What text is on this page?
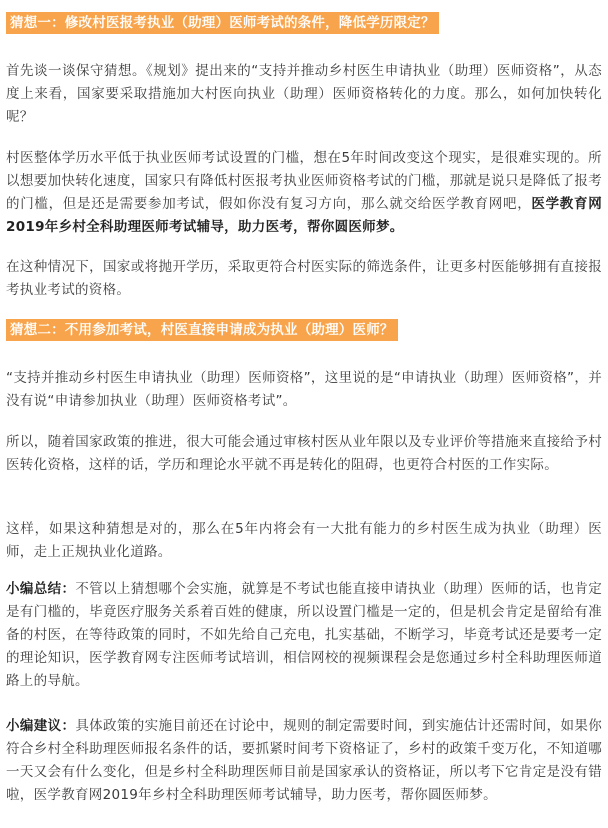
猜想一：修改村医报考执业（助理）医师考试的条件，降低学历限定？

首先谈一谈保守猜想。《规划》提出来的“支持并推动乡村医生申请执业（助理）医师资格”，从态度上来看，国家要采取措施加大村医向执业（助理）医师资格转化的力度。那么，如何加快转化呢？

村医整体学历水平低于执业医师考试设置的门槛，想在5年时间改变这个现实，是很难实现的。所以想要加快转化速度，国家只有降低村医报考执业医师资格考试的门槛，那就是说只是降低了报考的门槛，但是还是需要参加考试，假如你没有复习方向，那么就交给医学教育网吧，医学教育网2019年乡村全科助理医师考试辅导，助力医考，帮你圆医师梦。

在这种情况下，国家或将抛开学历，采取更符合村医实际的筛选条件，让更多村医能够拥有直接报考执业考试的资格。

猜想二：不用参加考试，村医直接申请成为执业（助理）医师？

“支持并推动乡村医生申请执业（助理）医师资格”，这里说的是“申请执业（助理）医师资格”，并没有说“申请参加执业（助理）医师资格考试”。

所以，随着国家政策的推进，很大可能会通过审核村医从业年限以及专业评价等措施来直接给予村医转化资格，这样的话，学历和理论水平就不再是转化的阻碍，也更符合村医的工作实际。

这样，如果这种猜想是对的，那么在5年内将会有一大批有能力的乡村医生成为执业（助理）医师，走上正规执业化道路。

小编总结：不管以上猜想哪个会实施，就算是不考试也能直接申请执业（助理）医师的话，也肯定是有门槛的，毕竟医疗服务关系着百姓的健康，所以设置门槛是一定的，但是机会肯定是留给有准备的村医，在等待政策的同时，不如先给自己充电，扎实基础，不断学习，毕竟考试还是要考一定的理论知识，医学教育网专注医师考试培训，相信网校的视频课程会是您通过乡村全科助理医师道路上的导航。

小编建议：具体政策的实施目前还在讨论中，规则的制定需要时间，到实施估计还需时间，如果你符合乡村全科助理医师报名条件的话，要抓紧时间考下资格证了，乡村的政策千变万化，不知道哪一天又会有什么变化，但是乡村全科助理医师目前是国家承认的资格证，所以考下它肯定是没有错啦，医学教育网2019年乡村全科助理医师考试辅导，助力医考，帮你圆医师梦。
